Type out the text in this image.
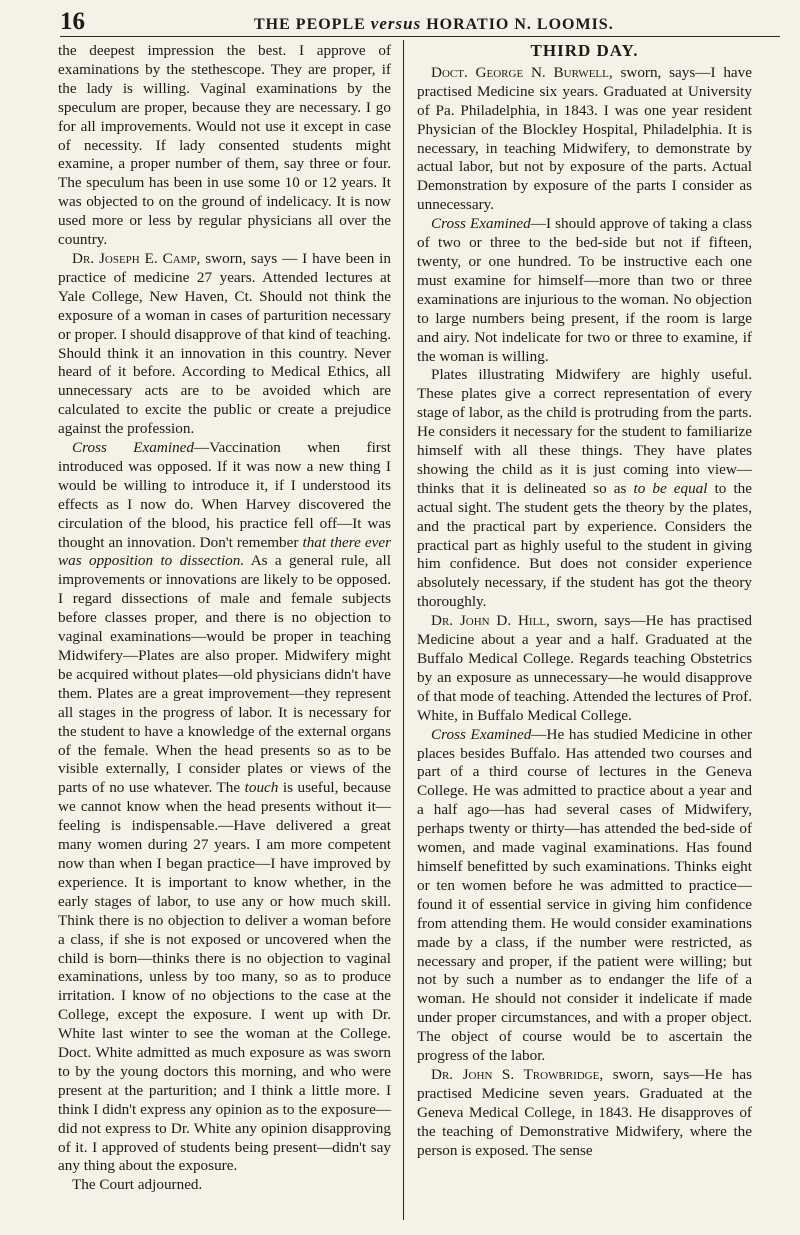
16	THE PEOPLE versus HORATIO N. LOOMIS.

the deepest impression the best. I approve of examinations by the stethescope. They are proper, if the lady is willing. Vaginal examinations by the speculum are proper, because they are necessary. I go for all improvements. Would not use it except in case of necessity. If lady consented students might examine, a proper number of them, say three or four. The speculum has been in use some 10 or 12 years. It was objected to on the ground of indelicacy. It is now used more or less by regular physicians all over the country.

Dr. Joseph E. Camp, sworn, says — I have been in practice of medicine 27 years. Attended lectures at Yale College, New Haven, Ct. Should not think the exposure of a woman in cases of parturition necessary or proper. I should disapprove of that kind of teaching. Should think it an innovation in this country. Never heard of it before. According to Medical Ethics, all unnecessary acts are to be avoided which are calculated to excite the public or create a prejudice against the profession.

Cross Examined—Vaccination when first introduced was opposed. If it was now a new thing I would be willing to introduce it, if I understood its effects as I now do. When Harvey discovered the circulation of the blood, his practice fell off—It was thought an innovation. Don't remember that there ever was opposition to dissection. As a general rule, all improvements or innovations are likely to be opposed. I regard dissections of male and female subjects before classes proper, and there is no objection to vaginal examinations—would be proper in teaching Midwifery—Plates are also proper. Midwifery might be acquired without plates—old physicians didn't have them. Plates are a great improvement—they represent all stages in the progress of labor. It is necessary for the student to have a knowledge of the external organs of the female. When the head presents so as to be visible externally, I consider plates or views of the parts of no use whatever. The touch is useful, because we cannot know when the head presents without it—feeling is indispensable.—Have delivered a great many women during 27 years. I am more competent now than when I began practice—I have improved by experience. It is important to know whether, in the early stages of labor, to use any or how much skill. Think there is no objection to deliver a woman before a class, if she is not exposed or uncovered when the child is born—thinks there is no objection to vaginal examinations, unless by too many, so as to produce irritation. I know of no objections to the case at the College, except the exposure. I went up with Dr. White last winter to see the woman at the College. Doct. White admitted as much exposure as was sworn to by the young doctors this morning, and who were present at the parturition; and I think a little more. I think I didn't express any opinion as to the exposure—did not express to Dr. White any opinion disapproving of it. I approved of students being present—didn't say any thing about the exposure.

The Court adjourned.

THIRD DAY.

Doct. George N. Burwell, sworn, says—I have practised Medicine six years. Graduated at University of Pa. Philadelphia, in 1843. I was one year resident Physician of the Blockley Hospital, Philadelphia. It is necessary, in teaching Midwifery, to demonstrate by actual labor, but not by exposure of the parts. Actual Demonstration by exposure of the parts I consider as unnecessary.

Cross Examined—I should approve of taking a class of two or three to the bed-side but not if fifteen, twenty, or one hundred. To be instructive each one must examine for himself—more than two or three examinations are injurious to the woman. No objection to large numbers being present, if the room is large and airy. Not indelicate for two or three to examine, if the woman is willing.

Plates illustrating Midwifery are highly useful. These plates give a correct representation of every stage of labor, as the child is protruding from the parts. He considers it necessary for the student to familiarize himself with all these things. They have plates showing the child as it is just coming into view—thinks that it is delineated so as to be equal to the actual sight. The student gets the theory by the plates, and the practical part by experience. Considers the practical part as highly useful to the student in giving him confidence. But does not consider experience absolutely necessary, if the student has got the theory thoroughly.

Dr. John D. Hill, sworn, says—He has practised Medicine about a year and a half. Graduated at the Buffalo Medical College. Regards teaching Obstetrics by an exposure as unnecessary—he would disapprove of that mode of teaching. Attended the lectures of Prof. White, in Buffalo Medical College.

Cross Examined—He has studied Medicine in other places besides Buffalo. Has attended two courses and part of a third course of lectures in the Geneva College. He was admitted to practice about a year and a half ago—has had several cases of Midwifery, perhaps twenty or thirty—has attended the bed-side of women, and made vaginal examinations. Has found himself benefitted by such examinations. Thinks eight or ten women before he was admitted to practice—found it of essential service in giving him confidence from attending them. He would consider examinations made by a class, if the number were restricted, as necessary and proper, if the patient were willing; but not by such a number as to endanger the life of a woman. He should not consider it indelicate if made under proper circumstances, and with a proper object. The object of course would be to ascertain the progress of the labor.

Dr. John S. Trowbridge, sworn, says—He has practised Medicine seven years. Graduated at the Geneva Medical College, in 1843. He disapproves of the teaching of Demonstrative Midwifery, where the person is exposed. The sense
